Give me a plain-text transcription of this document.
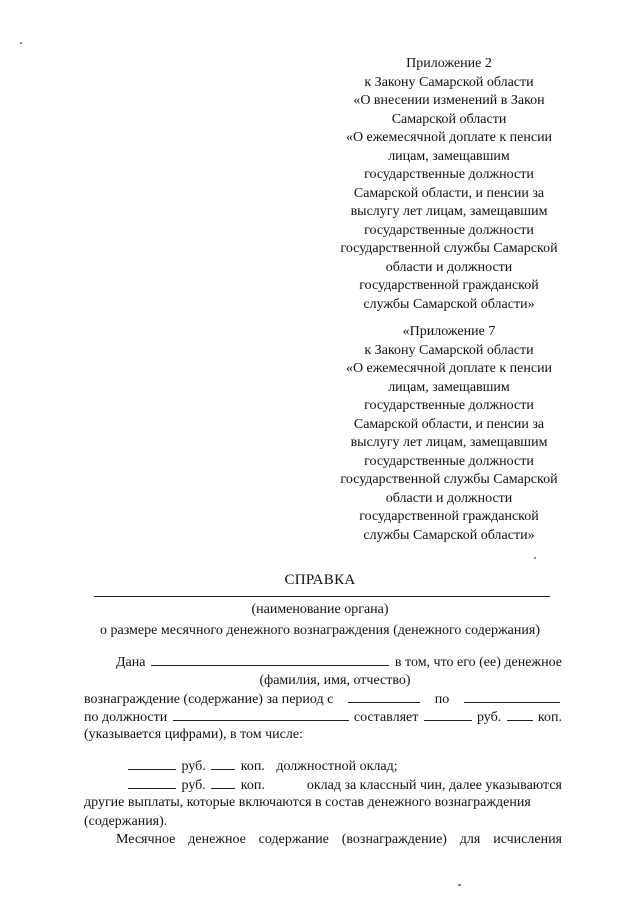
Приложение 2
к Закону Самарской области
«О внесении изменений в Закон
Самарской области
«О ежемесячной доплате к пенсии
лицам, замещавшим
государственные должности
Самарской области, и пенсии за
выслугу лет лицам, замещавшим
государственные должности
государственной службы Самарской
области и должности
государственной гражданской
службы Самарской области»
«Приложение 7
к Закону Самарской области
«О ежемесячной доплате к пенсии
лицам, замещавшим
государственные должности
Самарской области, и пенсии за
выслугу лет лицам, замещавшим
государственные должности
государственной службы Самарской
области и должности
государственной гражданской
службы Самарской области»
СПРАВКА
(наименование органа)
о размере месячного денежного вознаграждения (денежного содержания)
Дана	в том, что его (ее) денежное
(фамилия, имя, отчество)
вознаграждение (содержание) за период с	по
по должности	составляет	руб.	коп.
(указывается цифрами), в том числе:
руб.	коп. должностной оклад;
руб.	коп.	оклад за классный чин, далее указываются
другие выплаты, которые включаются в состав денежного вознаграждения (содержания).
Месячное денежное содержание (вознаграждение) для исчисления
